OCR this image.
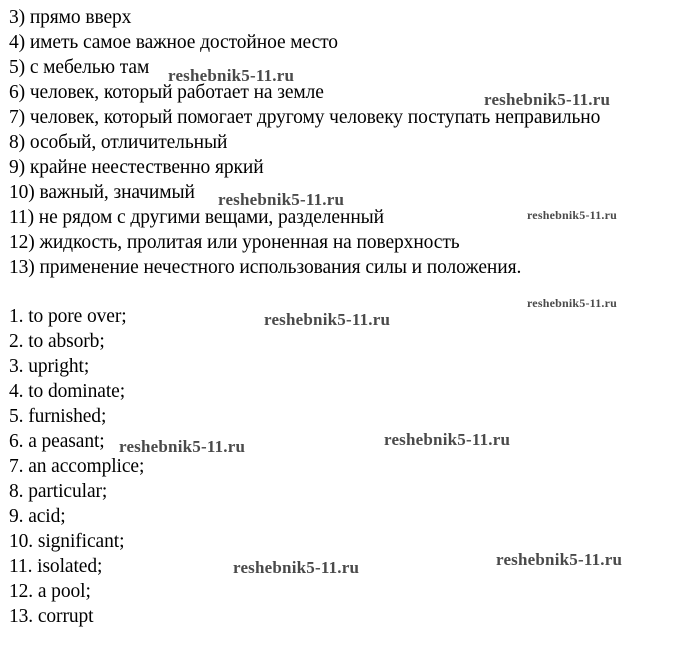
3) прямо вверх
4) иметь самое важное достойное место
5) с мебелью там
6) человек, который работает на земле
7) человек, который помогает другому человеку поступать неправильно
8) особый, отличительный
9) крайне неестественно яркий
10) важный, значимый
11) не рядом с другими вещами, разделенный
12) жидкость, пролитая или уроненная на поверхность
13) применение нечестного использования силы и положения.
1. to pore over;
2. to absorb;
3. upright;
4. to dominate;
5. furnished;
6. a peasant;
7. an accomplice;
8. particular;
9. acid;
10. significant;
11. isolated;
12. a pool;
13. corrupt
reshebnik5-11.ru
reshebnik5-11.ru
reshebnik5-11.ru
reshebnik5-11.ru
reshebnik5-11.ru
reshebnik5-11.ru
reshebnik5-11.ru	reshebnik5-11.ru
reshebnik5-11.ru	reshebnik5-11.ru
